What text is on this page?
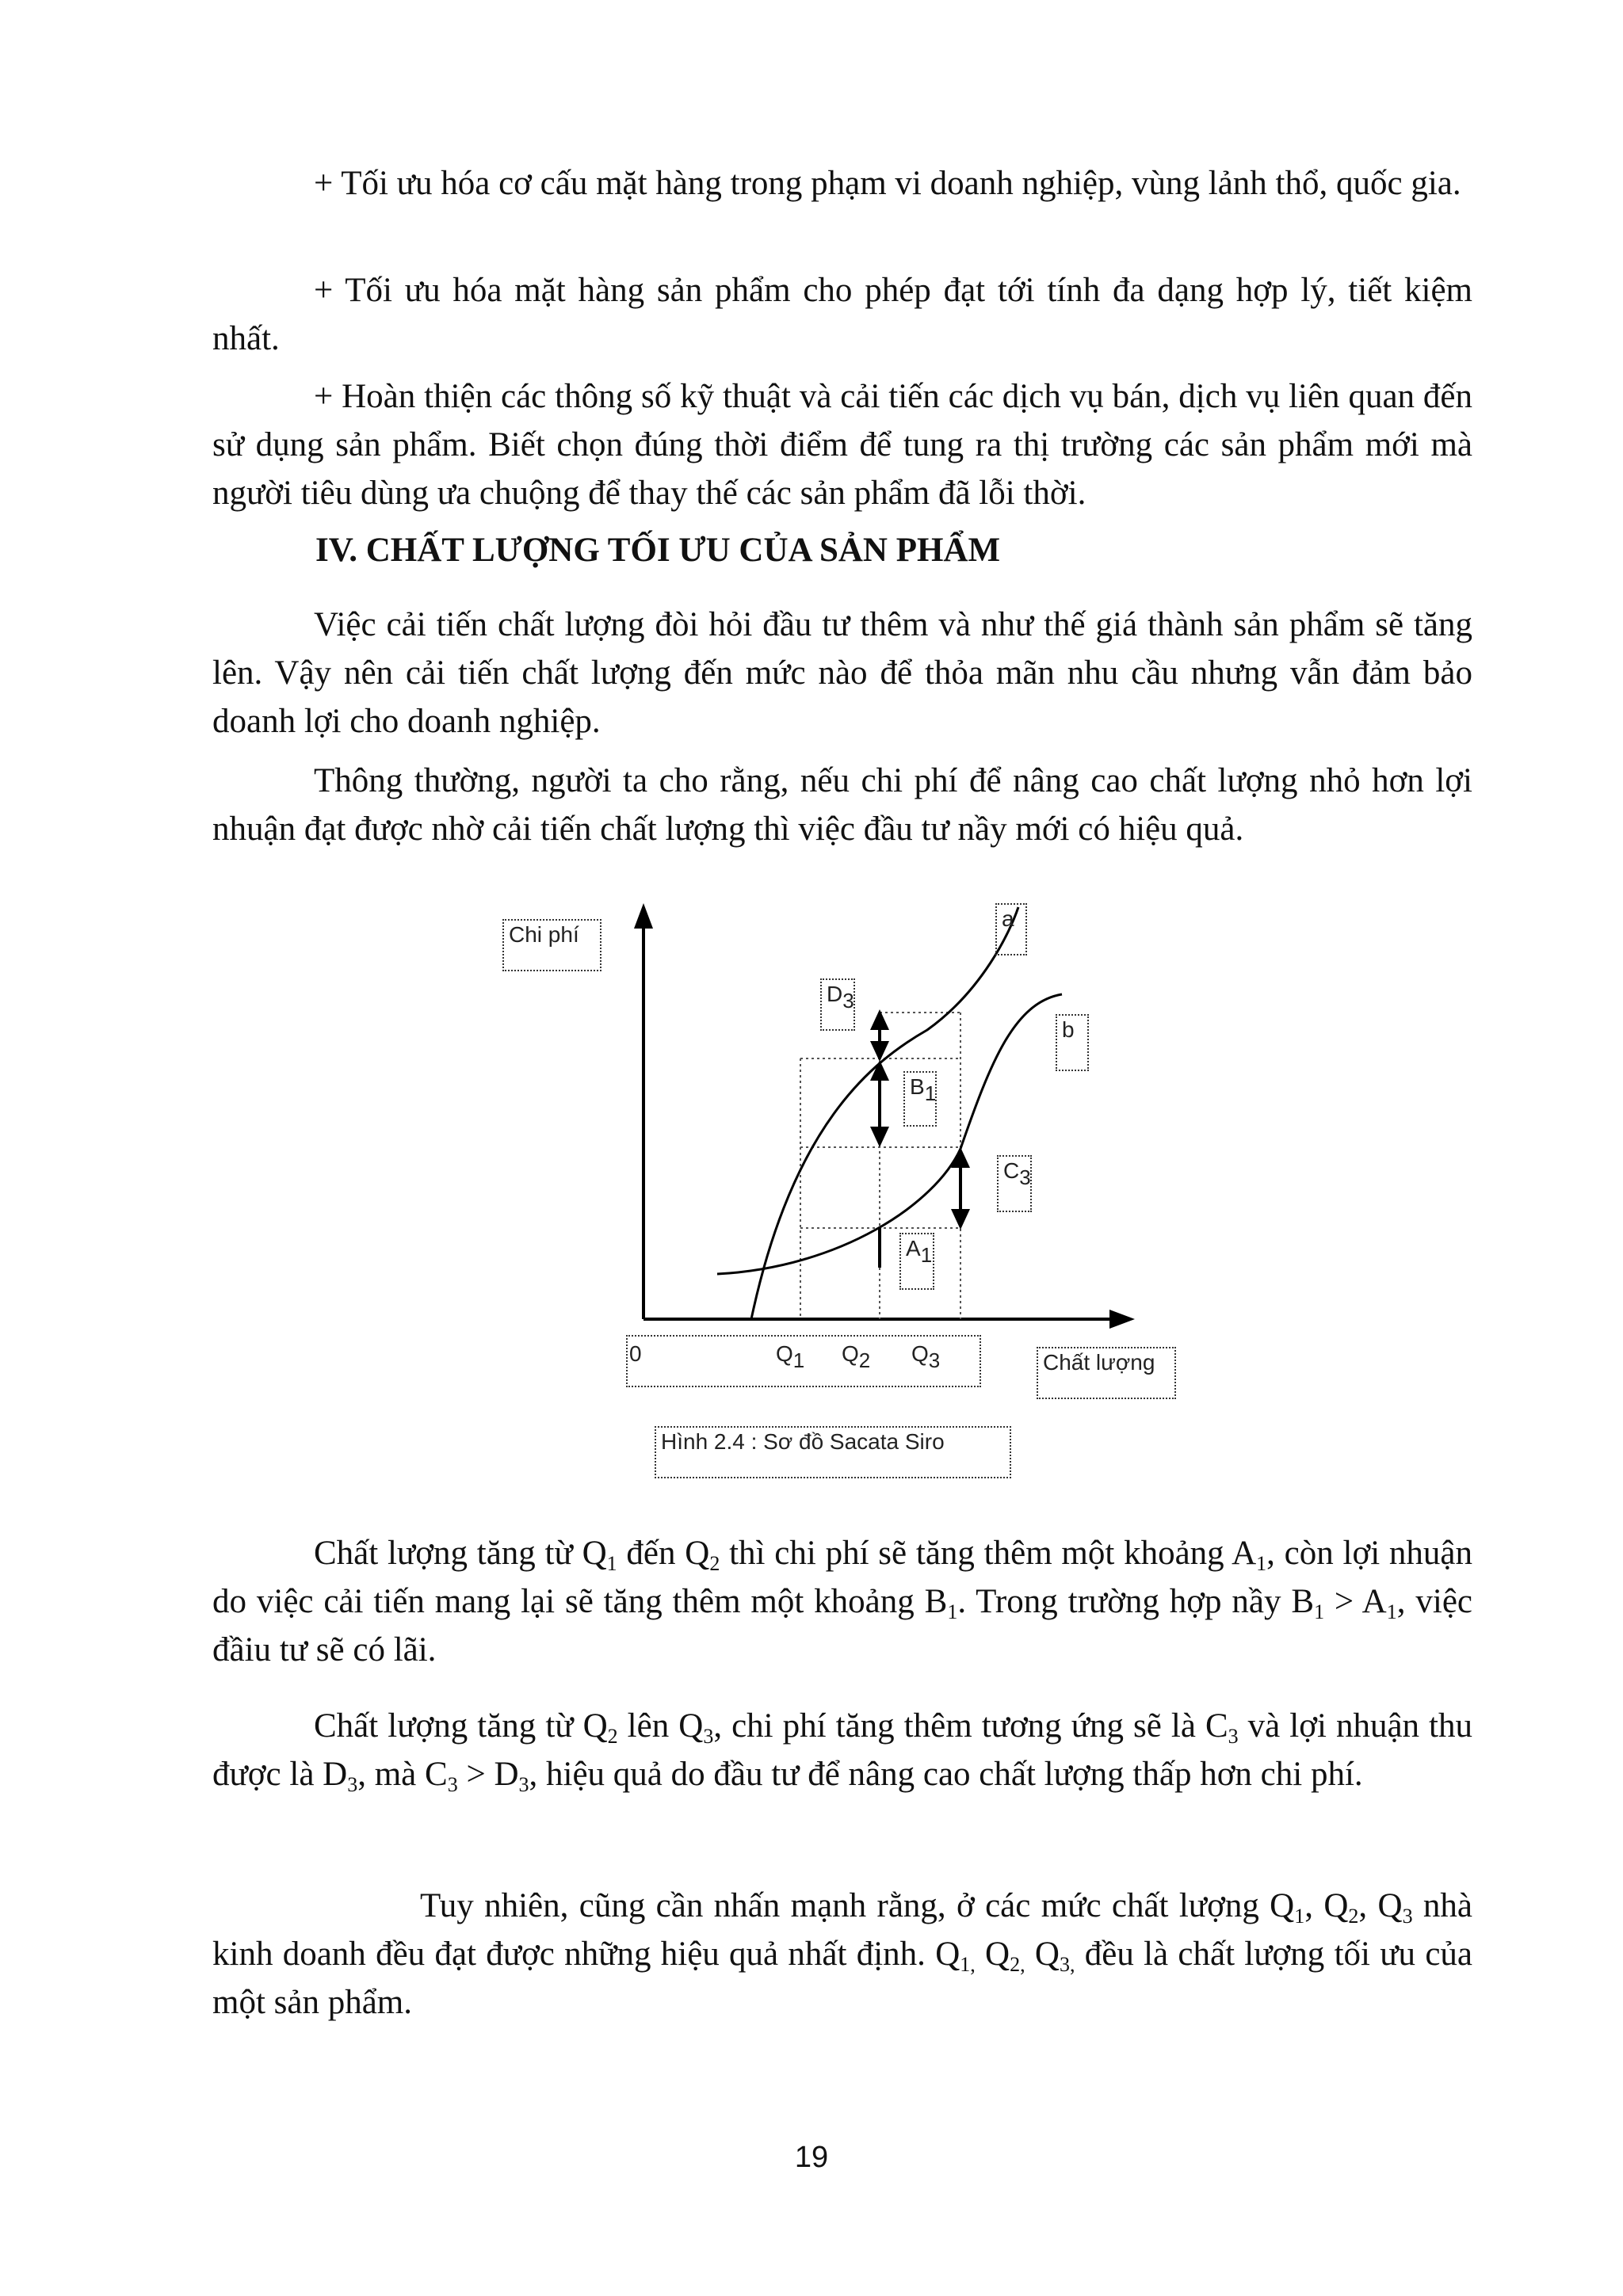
+ Tối ưu hóa cơ cấu mặt hàng trong phạm vi doanh nghiệp, vùng lảnh thổ, quốc gia.

+ Tối ưu hóa mặt hàng sản phẩm cho phép đạt tới tính đa dạng hợp lý, tiết kiệm nhất.

+ Hoàn thiện các thông số kỹ thuật và cải tiến các dịch vụ bán, dịch vụ liên quan đến sử dụng sản phẩm. Biết chọn đúng thời điểm để tung ra thị trường các sản phẩm mới mà người tiêu dùng ưa chuộng để thay thế các sản phẩm đã lỗi thời.

IV. CHẤT LƯỢNG TỐI ƯU CỦA SẢN PHẨM

Việc cải tiến chất lượng đòi hỏi đầu tư thêm và như thế giá thành sản phẩm sẽ tăng lên. Vậy nên cải tiến chất lượng đến mức nào để thỏa mãn nhu cầu nhưng vẫn đảm bảo doanh lợi cho doanh nghiệp.

Thông thường, người ta cho rằng, nếu chi phí để nâng cao chất lượng nhỏ hơn lợi nhuận đạt được nhờ cải tiến chất lượng thì việc đầu tư nầy mới có hiệu quả.

Chi phí
a
b
$D_3$
$B_1$
$C_3$
$A_1$
0	$Q_1$ $Q_2$ $Q_3$	Chất lượng
Hình 2.4 : Sơ đồ Sacata Siro

Chất lượng tăng từ $Q_1$ đến $Q_2$ thì chi phí sẽ tăng thêm một khoảng $A_1$, còn lợi nhuận do việc cải tiến mang lại sẽ tăng thêm một khoảng $B_1$. Trong trường hợp nầy $B_1 > A_1$, việc đầiu tư sẽ có lãi.

Chất lượng tăng từ $Q_2$ lên $Q_3$, chi phí tăng thêm tương ứng sẽ là $C_3$ và lợi nhuận thu được là $D_3$, mà $C_3 > D_3$, hiệu quả do đầu tư để nâng cao chất lượng thấp hơn chi phí.

Tuy nhiên, cũng cần nhấn mạnh rằng, ở các mức chất lượng $Q_1$, $Q_2$, $Q_3$ nhà kinh doanh đều đạt được những hiệu quả nhất định. $Q_{1,}$ $Q_{2,}$ $Q_{3,}$ đều là chất lượng tối ưu của một sản phẩm.

19
